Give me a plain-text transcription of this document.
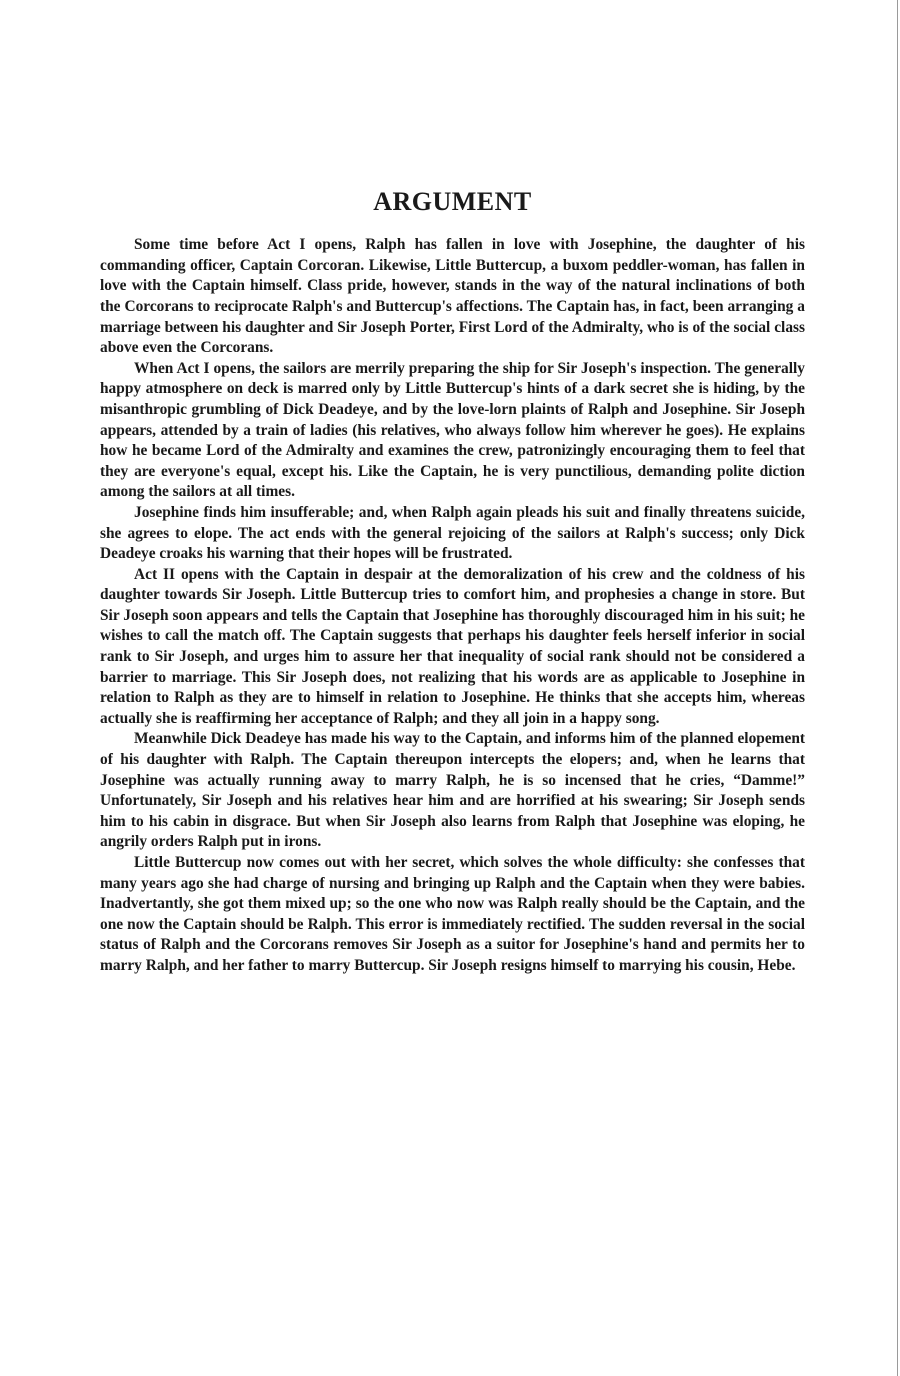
ARGUMENT

Some time before Act I opens, Ralph has fallen in love with Josephine, the daughter of his commanding officer, Captain Corcoran. Likewise, Little Buttercup, a buxom peddler-woman, has fallen in love with the Captain himself. Class pride, however, stands in the way of the natural inclinations of both the Corcorans to reciprocate Ralph's and Buttercup's affections. The Captain has, in fact, been arranging a marriage between his daughter and Sir Joseph Porter, First Lord of the Admiralty, who is of the social class above even the Corcorans.

When Act I opens, the sailors are merrily preparing the ship for Sir Joseph's inspection. The generally happy atmosphere on deck is marred only by Little Buttercup's hints of a dark secret she is hiding, by the misanthropic grumbling of Dick Deadeye, and by the love-lorn plaints of Ralph and Josephine. Sir Joseph appears, attended by a train of ladies (his relatives, who always follow him wherever he goes). He explains how he became Lord of the Admiralty and examines the crew, patronizingly encouraging them to feel that they are everyone's equal, except his. Like the Captain, he is very punctilious, demanding polite diction among the sailors at all times.

Josephine finds him insufferable; and, when Ralph again pleads his suit and finally threatens suicide, she agrees to elope. The act ends with the general rejoicing of the sailors at Ralph's success; only Dick Deadeye croaks his warning that their hopes will be frustrated.

Act II opens with the Captain in despair at the demoralization of his crew and the coldness of his daughter towards Sir Joseph. Little Buttercup tries to comfort him, and prophesies a change in store. But Sir Joseph soon appears and tells the Captain that Josephine has thoroughly discouraged him in his suit; he wishes to call the match off. The Captain suggests that perhaps his daughter feels herself inferior in social rank to Sir Joseph, and urges him to assure her that inequality of social rank should not be considered a barrier to marriage. This Sir Joseph does, not realizing that his words are as applicable to Josephine in relation to Ralph as they are to himself in relation to Josephine. He thinks that she accepts him, whereas actually she is reaffirming her acceptance of Ralph; and they all join in a happy song.

Meanwhile Dick Deadeye has made his way to the Captain, and informs him of the planned elopement of his daughter with Ralph. The Captain thereupon intercepts the elopers; and, when he learns that Josephine was actually running away to marry Ralph, he is so incensed that he cries, “Damme!” Unfortunately, Sir Joseph and his relatives hear him and are horrified at his swearing; Sir Joseph sends him to his cabin in disgrace. But when Sir Joseph also learns from Ralph that Josephine was eloping, he angrily orders Ralph put in irons.

Little Buttercup now comes out with her secret, which solves the whole difficulty: she confesses that many years ago she had charge of nursing and bringing up Ralph and the Captain when they were babies. Inadvertantly, she got them mixed up; so the one who now was Ralph really should be the Captain, and the one now the Captain should be Ralph. This error is immediately rectified. The sudden reversal in the social status of Ralph and the Corcorans removes Sir Joseph as a suitor for Josephine's hand and permits her to marry Ralph, and her father to marry Buttercup. Sir Joseph resigns himself to marrying his cousin, Hebe.
